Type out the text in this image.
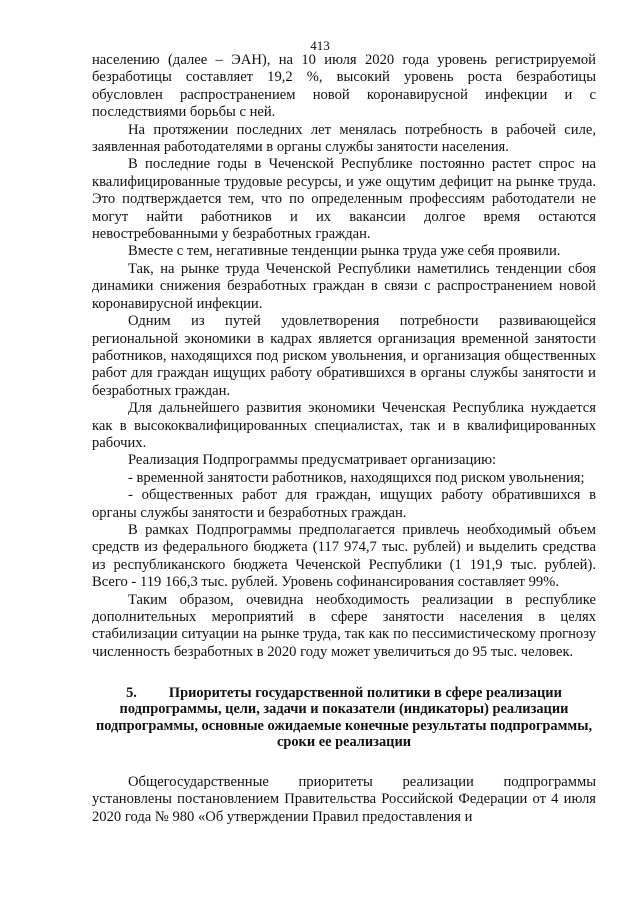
413

населению (далее – ЭАН), на 10 июля 2020 года уровень регистрируемой безработицы составляет 19,2 %, высокий уровень роста безработицы обусловлен распространением новой коронавирусной инфекции и с последствиями борьбы с ней.

На протяжении последних лет менялась потребность в рабочей силе, заявленная работодателями в органы службы занятости населения.

В последние годы в Чеченской Республике постоянно растет спрос на квалифицированные трудовые ресурсы, и уже ощутим дефицит на рынке труда. Это подтверждается тем, что по определенным профессиям работодатели не могут найти работников и их вакансии долгое время остаются невостребованными у безработных граждан.

Вместе с тем, негативные тенденции рынка труда уже себя проявили.

Так, на рынке труда Чеченской Республики наметились тенденции сбоя динамики снижения безработных граждан в связи с распространением новой коронавирусной инфекции.

Одним из путей удовлетворения потребности развивающейся региональной экономики в кадрах является организация временной занятости работников, находящихся под риском увольнения, и организация общественных работ для граждан ищущих работу обратившихся в органы службы занятости и безработных граждан.

Для дальнейшего развития экономики Чеченская Республика нуждается как в высококвалифицированных специалистах, так и в квалифицированных рабочих.

Реализация Подпрограммы предусматривает организацию:

- временной занятости работников, находящихся под риском увольнения;

- общественных работ для граждан, ищущих работу обратившихся в органы службы занятости и безработных граждан.

В рамках Подпрограммы предполагается привлечь необходимый объем средств из федерального бюджета (117 974,7 тыс. рублей) и выделить средства из республиканского бюджета Чеченской Республики (1 191,9 тыс. рублей). Всего - 119 166,3 тыс. рублей. Уровень софинансирования составляет 99%.

Таким образом, очевидна необходимость реализации в республике дополнительных мероприятий в сфере занятости населения в целях стабилизации ситуации на рынке труда, так как по пессимистическому прогнозу численность безработных в 2020 году может увеличиться до 95 тыс. человек.

5. Приоритеты государственной политики в сфере реализации подпрограммы, цели, задачи и показатели (индикаторы) реализации подпрограммы, основные ожидаемые конечные результаты подпрограммы, сроки ее реализации

Общегосударственные приоритеты реализации подпрограммы установлены постановлением Правительства Российской Федерации от 4 июля 2020 года № 980 «Об утверждении Правил предоставления и
